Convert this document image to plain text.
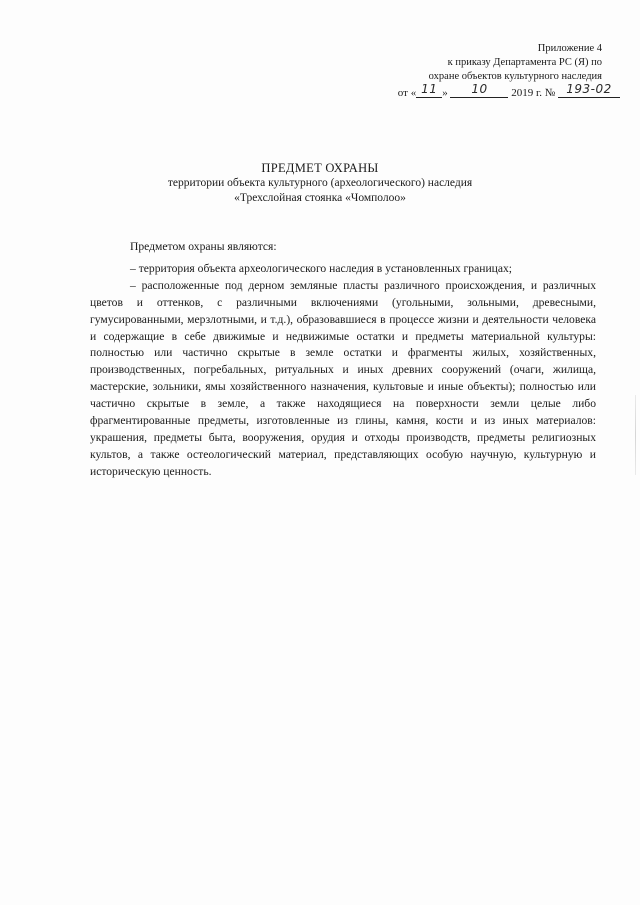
Приложение 4
к приказу Департамента РС (Я) по
охране объектов культурного наследия
от « 11 » 10 2019 г. № 193-02
ПРЕДМЕТ ОХРАНЫ
территории объекта культурного (археологического) наследия
«Трехслойная стоянка «Чомполоо»

Предметом охраны являются:

– территория объекта археологического наследия в установленных границах;

– расположенные под дерном земляные пласты различного происхождения, и различных цветов и оттенков, с различными включениями (угольными, зольными, древесными, гумусированными, мерзлотными, и т.д.), образовавшиеся в процессе жизни и деятельности человека и содержащие в себе движимые и недвижимые остатки и предметы материальной культуры: полностью или частично скрытые в земле остатки и фрагменты жилых, хозяйственных, производственных, погребальных, ритуальных и иных древних сооружений (очаги, жилища, мастерские, зольники, ямы хозяйственного назначения, культовые и иные объекты); полностью или частично скрытые в земле, а также находящиеся на поверхности земли целые либо фрагментированные предметы, изготовленные из глины, камня, кости и из иных материалов: украшения, предметы быта, вооружения, орудия и отходы производств, предметы религиозных культов, а также остеологический материал, представляющих особую научную, культурную и историческую ценность.
